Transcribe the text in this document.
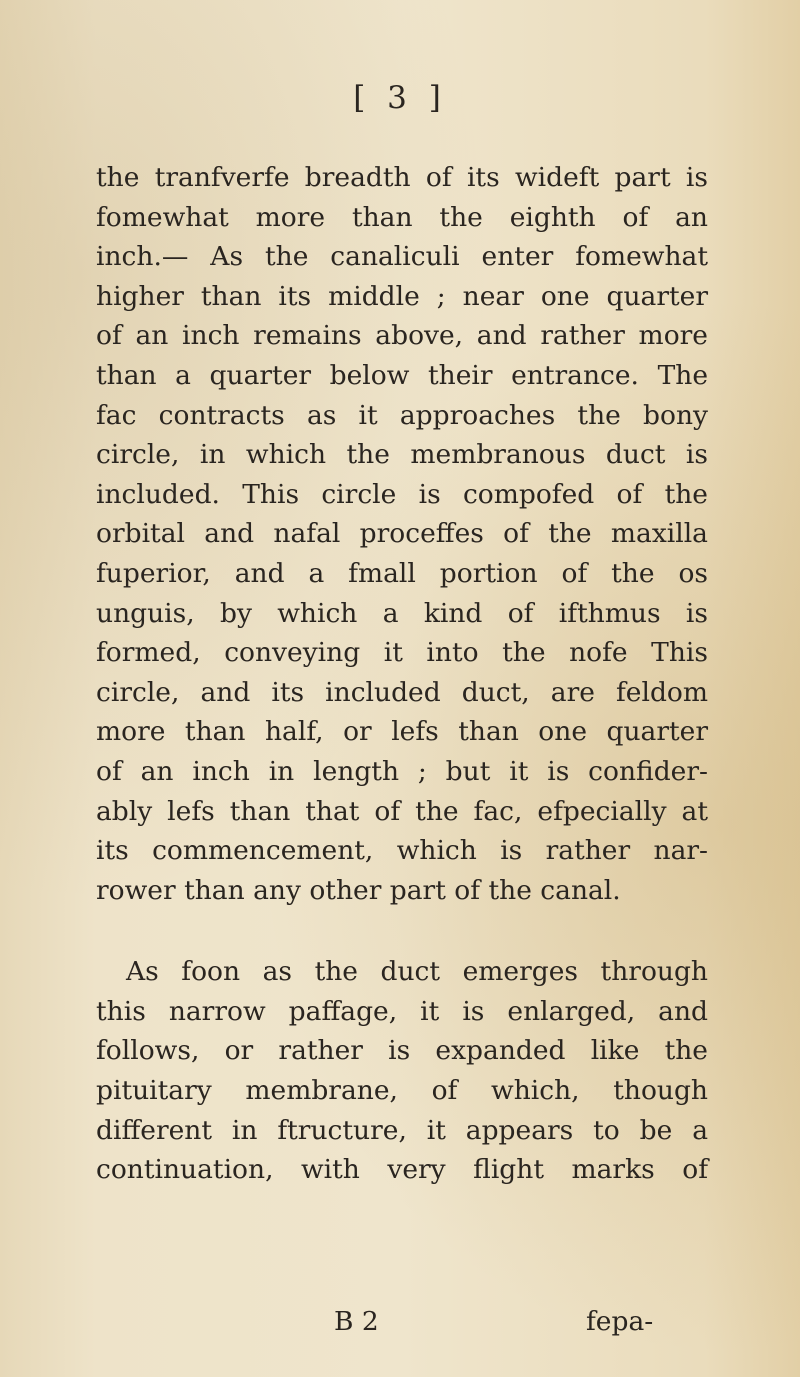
[ 3 ]
the tranfverfe breadth of its wideft part is
fomewhat more than the eighth of an
inch.— As the canaliculi enter fomewhat
higher than its middle ; near one quarter
of an inch remains above, and rather more
than a quarter below their entrance. The
fac contracts as it approaches the bony
circle, in which the membranous duct is
included. This circle is compofed of the
orbital and nafal proceffes of the maxilla
fuperior, and a fmall portion of the os
unguis, by which a kind of ifthmus is
formed, conveying it into the nofe This
circle, and its included duct, are feldom
more than half, or lefs than one quarter
of an inch in length ; but it is confider-
ably lefs than that of the fac, efpecially at
its commencement, which is rather nar-
rower than any other part of the canal.
As foon as the duct emerges through
this narrow paffage, it is enlarged, and
follows, or rather is expanded like the
pituitary membrane, of which, though
different in ftructure, it appears to be a
continuation, with very flight marks of
B 2	fepa-
